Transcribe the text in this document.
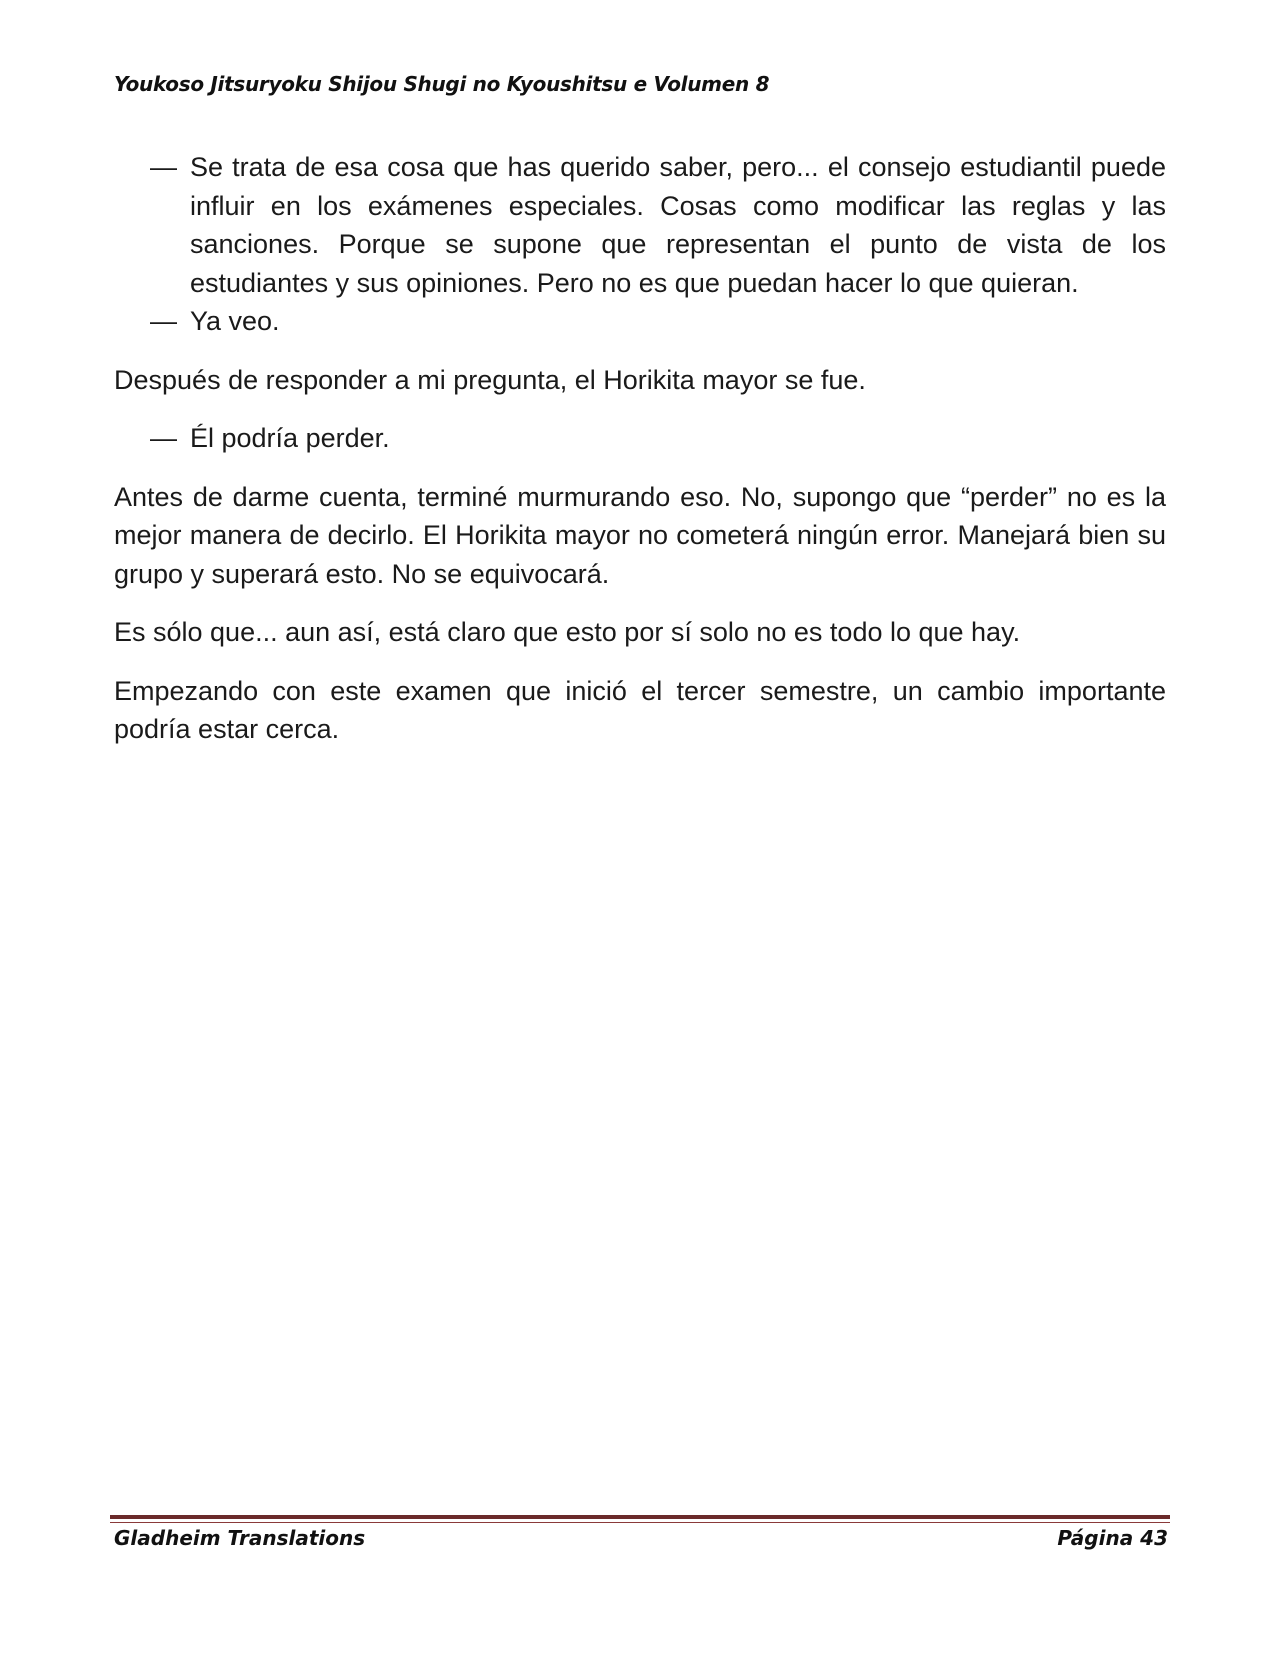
Youkoso Jitsuryoku Shijou Shugi no Kyoushitsu e Volumen 8

— Se trata de esa cosa que has querido saber, pero... el consejo estudiantil puede influir en los exámenes especiales. Cosas como modificar las reglas y las sanciones. Porque se supone que representan el punto de vista de los estudiantes y sus opiniones. Pero no es que puedan hacer lo que quieran.

— Ya veo.

Después de responder a mi pregunta, el Horikita mayor se fue.

— Él podría perder.

Antes de darme cuenta, terminé murmurando eso. No, supongo que “perder” no es la mejor manera de decirlo. El Horikita mayor no cometerá ningún error. Manejará bien su grupo y superará esto. No se equivocará.

Es sólo que... aun así, está claro que esto por sí solo no es todo lo que hay.

Empezando con este examen que inició el tercer semestre, un cambio importante podría estar cerca.

Gladheim Translations	Página 43
